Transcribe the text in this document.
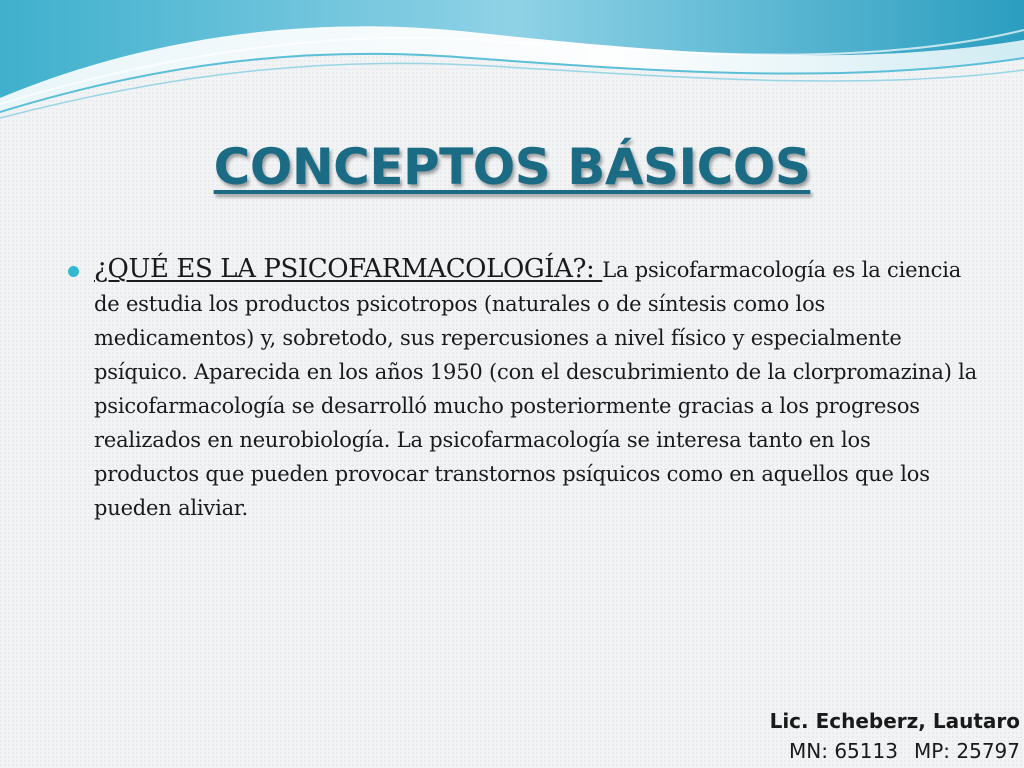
CONCEPTOS BÁSICOS
¿QUÉ ES LA PSICOFARMACOLOGÍA?: La psicofarmacología es la ciencia de estudia los productos psicotropos (naturales o de síntesis como los medicamentos) y, sobretodo, sus repercusiones a nivel físico y especialmente psíquico. Aparecida en los años 1950 (con el descubrimiento de la clorpromazina) la psicofarmacología se desarrolló mucho posteriormente gracias a los progresos realizados en neurobiología. La psicofarmacología se interesa tanto en los productos que pueden provocar transtornos psíquicos como en aquellos que los pueden aliviar.
Lic. Echeberz, Lautaro
MN: 65113 MP: 25797
